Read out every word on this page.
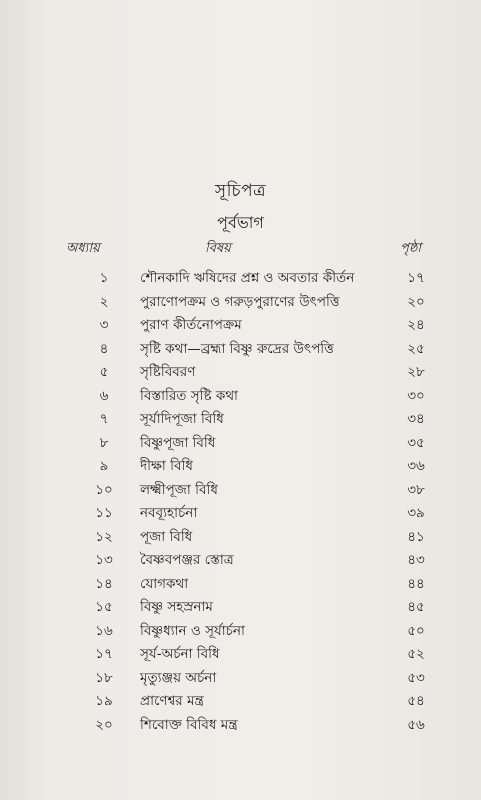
সূচিপত্র
পূর্বভাগ
অধ্যায়	বিষয়	পৃষ্ঠা
১	শৌনকাদি ঋষিদের প্রশ্ন ও অবতার কীর্তন	১৭
২	পুরাণোপক্রম ও গরুড়পুরাণের উৎপত্তি	২০
৩	পুরাণ কীর্তনোপক্রম	২৪
৪	সৃষ্টি কথা—ব্রহ্মা বিষ্ণু রুদ্রের উৎপত্তি	২৫
৫	সৃষ্টিবিবরণ	২৮
৬	বিস্তারিত সৃষ্টি কথা	৩০
৭	সূর্যাদিপূজা বিধি	৩৪
৮	বিষ্ণুপূজা বিধি	৩৫
৯	দীক্ষা বিধি	৩৬
১০	লক্ষ্মীপূজা বিধি	৩৮
১১	নবব্যূহার্চনা	৩৯
১২	পূজা বিধি	৪১
১৩	বৈষ্ণবপঞ্জর স্তোত্র	৪৩
১৪	যোগকথা	৪৪
১৫	বিষ্ণু সহস্রনাম	৪৫
১৬	বিষ্ণুধ্যান ও সূর্যার্চনা	৫০
১৭	সূর্য-অর্চনা বিধি	৫২
১৮	মৃত্যুঞ্জয় অর্চনা	৫৩
১৯	প্রাণেশ্বর মন্ত্র	৫৪
২০	শিবোক্ত বিবিধ মন্ত্র	৫৬
